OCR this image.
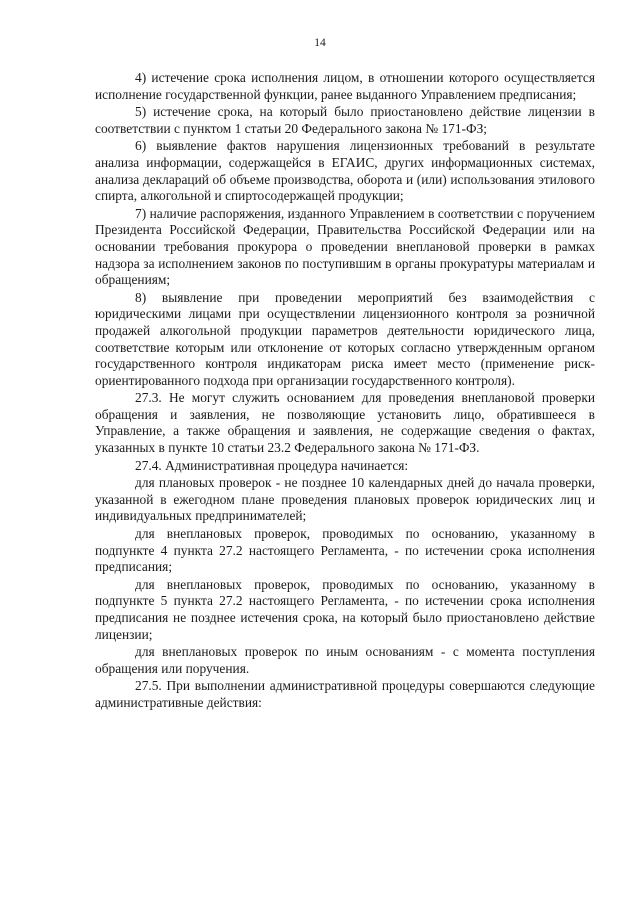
14

4) истечение срока исполнения лицом, в отношении которого осуществляется исполнение государственной функции, ранее выданного Управлением предписания;

5) истечение срока, на который было приостановлено действие лицензии в соответствии с пунктом 1 статьи 20 Федерального закона № 171-ФЗ;

6) выявление фактов нарушения лицензионных требований в результате анализа информации, содержащейся в ЕГАИС, других информационных системах, анализа деклараций об объеме производства, оборота и (или) использования этилового спирта, алкогольной и спиртосодержащей продукции;

7) наличие распоряжения, изданного Управлением в соответствии с поручением Президента Российской Федерации, Правительства Российской Федерации или на основании требования прокурора о проведении внеплановой проверки в рамках надзора за исполнением законов по поступившим в органы прокуратуры материалам и обращениям;

8) выявление при проведении мероприятий без взаимодействия с юридическими лицами при осуществлении лицензионного контроля за розничной продажей алкогольной продукции параметров деятельности юридического лица, соответствие которым или отклонение от которых согласно утвержденным органом государственного контроля индикаторам риска имеет место (применение риск-ориентированного подхода при организации государственного контроля).

27.3. Не могут служить основанием для проведения внеплановой проверки обращения и заявления, не позволяющие установить лицо, обратившееся в Управление, а также обращения и заявления, не содержащие сведения о фактах, указанных в пункте 10 статьи 23.2 Федерального закона № 171-ФЗ.

27.4. Административная процедура начинается:

для плановых проверок - не позднее 10 календарных дней до начала проверки, указанной в ежегодном плане проведения плановых проверок юридических лиц и индивидуальных предпринимателей;

для внеплановых проверок, проводимых по основанию, указанному в подпункте 4 пункта 27.2 настоящего Регламента, - по истечении срока исполнения предписания;

для внеплановых проверок, проводимых по основанию, указанному в подпункте 5 пункта 27.2 настоящего Регламента, - по истечении срока исполнения предписания не позднее истечения срока, на который было приостановлено действие лицензии;

для внеплановых проверок по иным основаниям - с момента поступления обращения или поручения.

27.5. При выполнении административной процедуры совершаются следующие административные действия:
